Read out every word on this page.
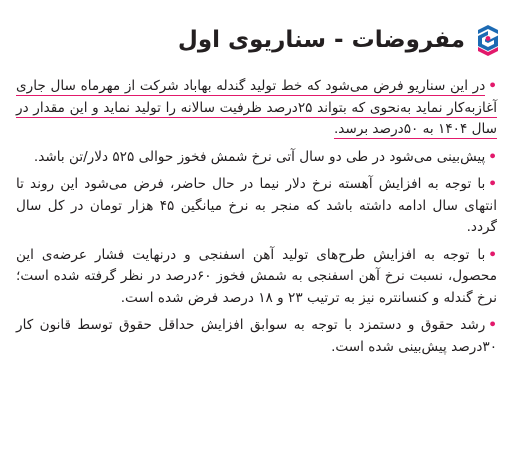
مفروضات - سناریوی اول

•در این سناریو فرض می‌شود که خط تولید گندله بهاباد شرکت از مهرماه سال جاری آغازبه‌کار نماید به‌نحوی که بتواند ۲۵درصد ظرفیت سالانه را تولید نماید و این مقدار در سال ۱۴۰۴ به ۵۰درصد برسد.

•پیش‌بینی می‌شود در طی دو سال آتی نرخ شمش فخوز حوالی ۵۲۵ دلار/تن باشد.

•با توجه به افزایش آهسته نرخ دلار نیما در حال حاضر، فرض می‌شود این روند تا انتهای سال ادامه داشته باشد که منجر به نرخ میانگین ۴۵ هزار تومان در کل سال گردد.

•با توجه به افزایش طرح‌های تولید آهن اسفنجی و درنهایت فشار عرضه‌ی این محصول، نسبت نرخ آهن اسفنجی به شمش فخوز ۶۰درصد در نظر گرفته شده است؛ نرخ گندله و کنسانتره نیز به ترتیب ۲۳ و ۱۸ درصد فرض شده است.

•رشد حقوق و دستمزد با توجه به سوابق افزایش حداقل حقوق توسط قانون کار ۳۰درصد پیش‌بینی شده است.
